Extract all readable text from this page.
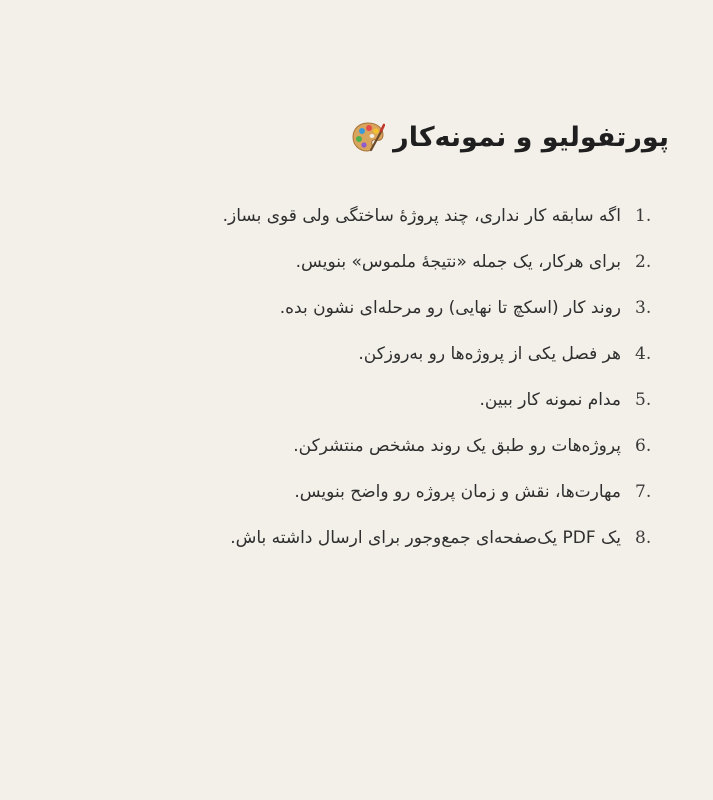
پورتفولیو و نمونه‌کار
1.
اگه سابقه کار نداری، چند پروژهٔ ساختگی ولی قوی بساز.
2.
برای هرکار، یک جمله «نتیجهٔ ملموس» بنویس.
3.
روند کار (اسکچ تا نهایی) رو مرحله‌ای نشون بده.
4.
هر فصل یکی از پروژه‌ها رو به‌روزکن.
5.
مدام نمونه کار ببین.
6.
پروژه‌هات رو طبق یک روند مشخص منتشرکن.
7.
مهارت‌ها، نقش و زمان پروژه رو واضح بنویس.
8.
یک PDF یک‌صفحه‌ای جمع‌وجور برای ارسال داشته باش.
